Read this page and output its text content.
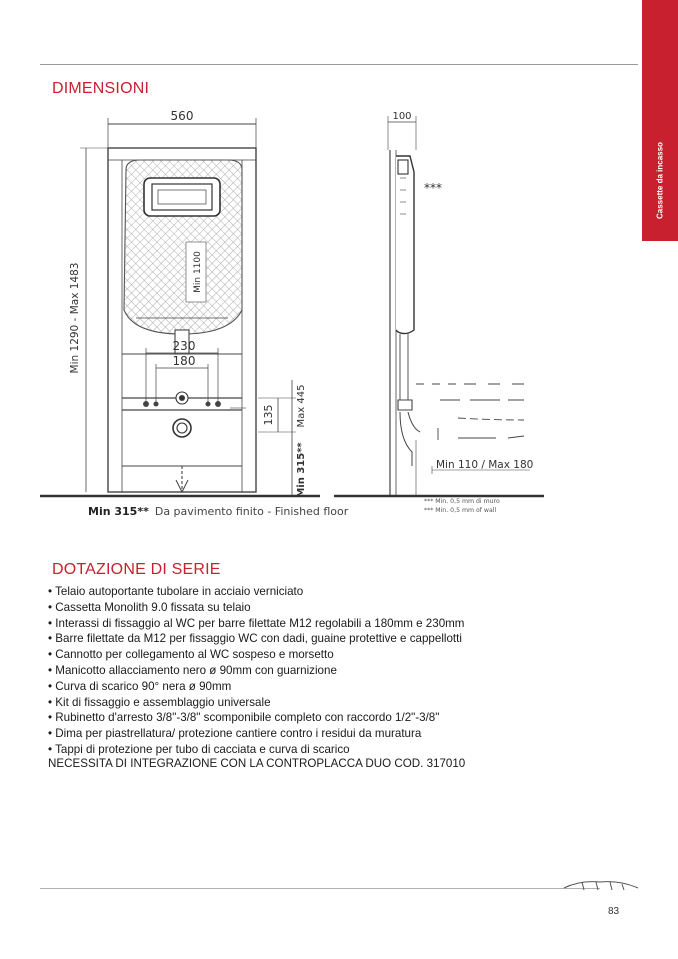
Cassette da incasso
DIMENSIONI
560
Min 1290 - Max 1483	Min 1100
230
180
135 Max 445
Min 315**
100
***
Min 110 / Max 180
Min 315** Da pavimento finito - Finished floor
*** Min. 0,5 mm di muro
*** Min. 0,5 mm of wall
DOTAZIONE DI SERIE
• Telaio autoportante tubolare in acciaio verniciato
• Cassetta Monolith 9.0 fissata su telaio
• Interassi di fissaggio al WC per barre filettate M12 regolabili a 180mm e 230mm
• Barre filettate da M12 per fissaggio WC con dadi, guaine protettive e cappellotti
• Cannotto per collegamento al WC sospeso e morsetto
• Manicotto allacciamento nero ø 90mm con guarnizione
• Curva di scarico 90° nera ø 90mm
• Kit di fissaggio e assemblaggio universale
• Rubinetto d'arresto 3/8"-3/8" scomponibile completo con raccordo 1/2"-3/8"
• Dima per piastrellatura/ protezione cantiere contro i residui da muratura
• Tappi di protezione per tubo di cacciata e curva di scarico
NECESSITA DI INTEGRAZIONE CON LA CONTROPLACCA DUO COD. 317010
83
